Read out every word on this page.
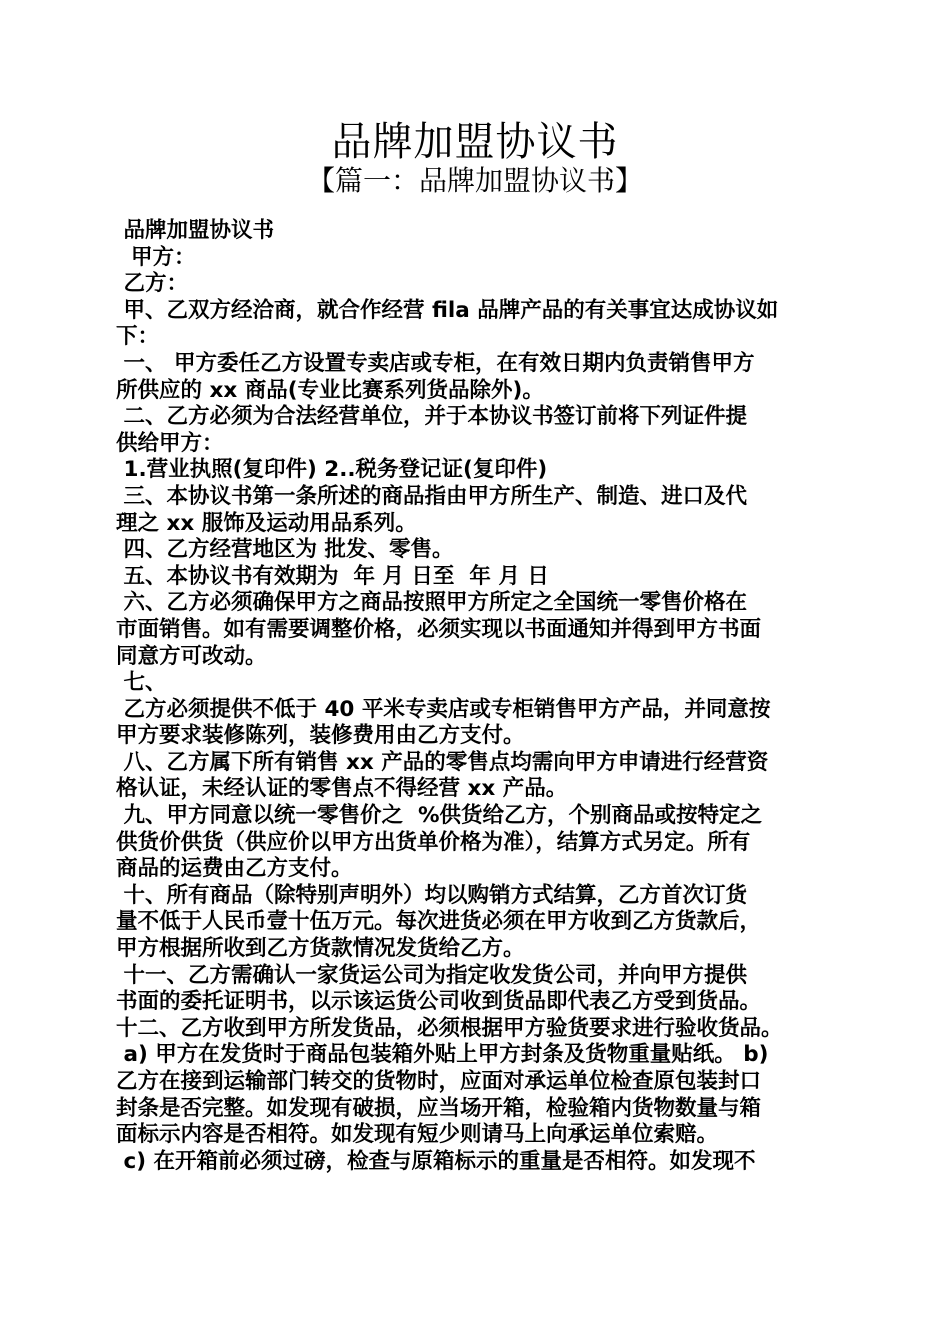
品牌加盟协议书
【篇一：品牌加盟协议书】
品牌加盟协议书
甲方：
乙方：
甲、乙双方经洽商，就合作经营 fila 品牌产品的有关事宜达成协议如
下：
一、 甲方委任乙方设置专卖店或专柜，在有效日期内负责销售甲方
所供应的 xx 商品(专业比赛系列货品除外)。
二、乙方必须为合法经营单位，并于本协议书签订前将下列证件提
供给甲方：
1.营业执照(复印件) 2..税务登记证(复印件)
三、本协议书第一条所述的商品指由甲方所生产、制造、进口及代
理之 xx 服饰及运动用品系列。
四、乙方经营地区为 批发、零售。
五、本协议书有效期为  年 月 日至  年 月 日
六、乙方必须确保甲方之商品按照甲方所定之全国统一零售价格在
市面销售。如有需要调整价格，必须实现以书面通知并得到甲方书面
同意方可改动。
七、
乙方必须提供不低于 40 平米专卖店或专柜销售甲方产品，并同意按
甲方要求装修陈列，装修费用由乙方支付。
八、乙方属下所有销售 xx 产品的零售点均需向甲方申请进行经营资
格认证，未经认证的零售点不得经营 xx 产品。
九、甲方同意以统一零售价之  %供货给乙方，个别商品或按特定之
供货价供货（供应价以甲方出货单价格为准），结算方式另定。所有
商品的运费由乙方支付。
十、所有商品（除特别声明外）均以购销方式结算，乙方首次订货
量不低于人民币壹十伍万元。每次进货必须在甲方收到乙方货款后，
甲方根据所收到乙方货款情况发货给乙方。
十一、乙方需确认一家货运公司为指定收发货公司，并向甲方提供
书面的委托证明书，以示该运货公司收到货品即代表乙方受到货品。
十二、乙方收到甲方所发货品，必须根据甲方验货要求进行验收货品。
a) 甲方在发货时于商品包装箱外贴上甲方封条及货物重量贴纸。 b)
乙方在接到运输部门转交的货物时，应面对承运单位检查原包装封口
封条是否完整。如发现有破损，应当场开箱，检验箱内货物数量与箱
面标示内容是否相符。如发现有短少则请马上向承运单位索赔。
c) 在开箱前必须过磅，检查与原箱标示的重量是否相符。如发现不
